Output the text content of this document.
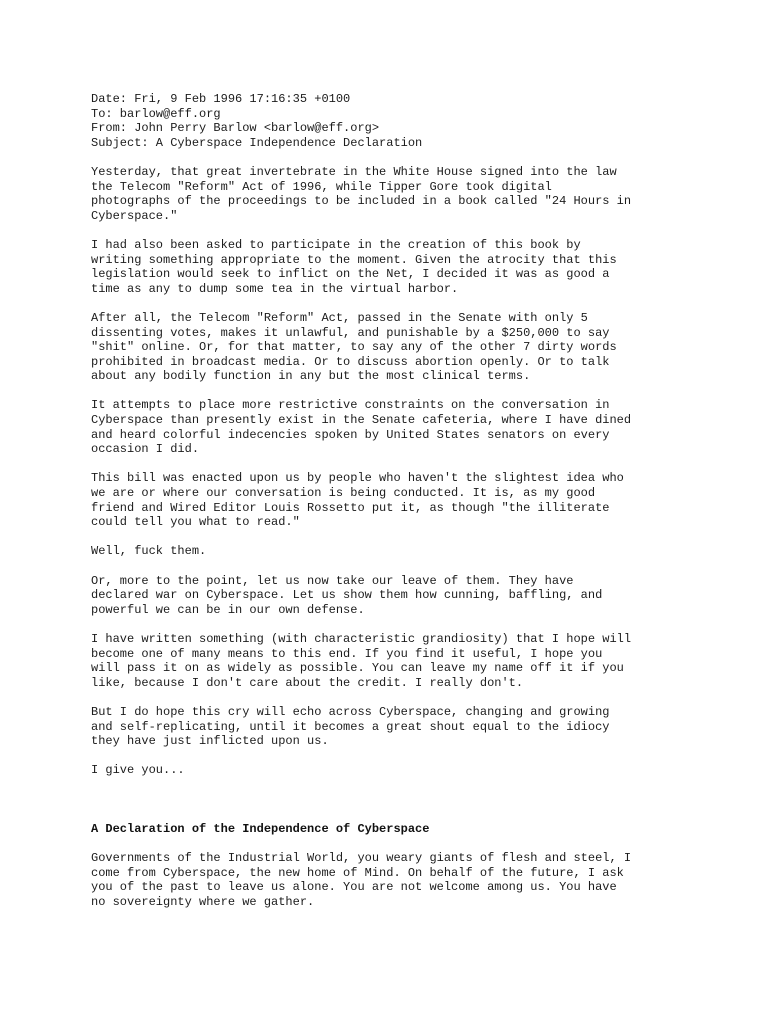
Date: Fri, 9 Feb 1996 17:16:35 +0100
To: barlow@eff.org
From: John Perry Barlow <barlow@eff.org>
Subject: A Cyberspace Independence Declaration
Yesterday, that great invertebrate in the White House signed into the law
the Telecom "Reform" Act of 1996, while Tipper Gore took digital
photographs of the proceedings to be included in a book called "24 Hours in
Cyberspace."
I had also been asked to participate in the creation of this book by
writing something appropriate to the moment. Given the atrocity that this
legislation would seek to inflict on the Net, I decided it was as good a
time as any to dump some tea in the virtual harbor.
After all, the Telecom "Reform" Act, passed in the Senate with only 5
dissenting votes, makes it unlawful, and punishable by a $250,000 to say
"shit" online. Or, for that matter, to say any of the other 7 dirty words
prohibited in broadcast media. Or to discuss abortion openly. Or to talk
about any bodily function in any but the most clinical terms.
It attempts to place more restrictive constraints on the conversation in
Cyberspace than presently exist in the Senate cafeteria, where I have dined
and heard colorful indecencies spoken by United States senators on every
occasion I did.
This bill was enacted upon us by people who haven't the slightest idea who
we are or where our conversation is being conducted. It is, as my good
friend and Wired Editor Louis Rossetto put it, as though "the illiterate
could tell you what to read."
Well, fuck them.
Or, more to the point, let us now take our leave of them. They have
declared war on Cyberspace. Let us show them how cunning, baffling, and
powerful we can be in our own defense.
I have written something (with characteristic grandiosity) that I hope will
become one of many means to this end. If you find it useful, I hope you
will pass it on as widely as possible. You can leave my name off it if you
like, because I don't care about the credit. I really don't.
But I do hope this cry will echo across Cyberspace, changing and growing
and self-replicating, until it becomes a great shout equal to the idiocy
they have just inflicted upon us.
I give you...
A Declaration of the Independence of Cyberspace
Governments of the Industrial World, you weary giants of flesh and steel, I
come from Cyberspace, the new home of Mind. On behalf of the future, I ask
you of the past to leave us alone. You are not welcome among us. You have
no sovereignty where we gather.
